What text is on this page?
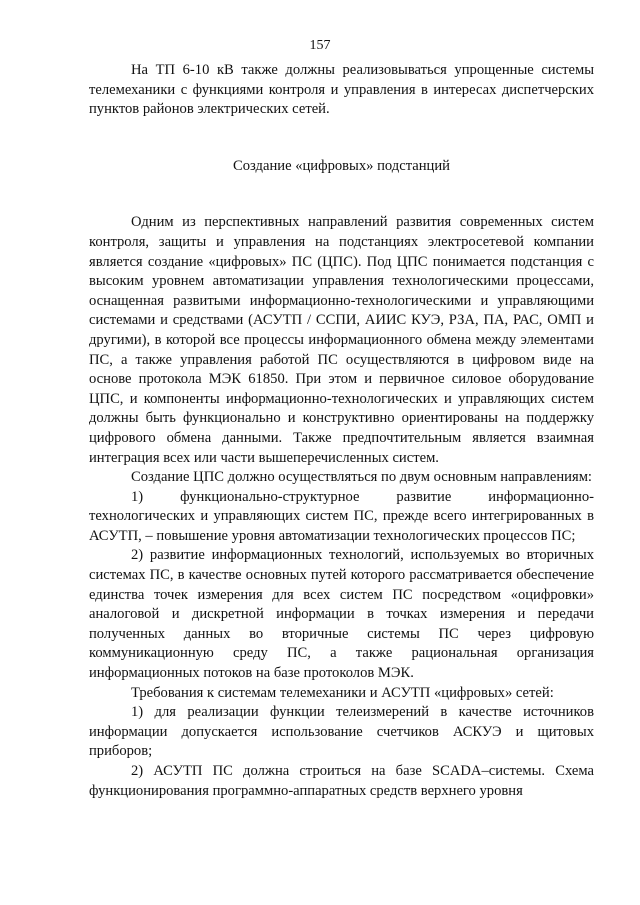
157

На ТП 6-10 кВ также должны реализовываться упрощенные системы телемеханики с функциями контроля и управления в интересах диспетчерских пунктов районов электрических сетей.

Создание «цифровых» подстанций

Одним из перспективных направлений развития современных систем контроля, защиты и управления на подстанциях электросетевой компании является создание «цифровых» ПС (ЦПС). Под ЦПС понимается подстанция с высоким уровнем автоматизации управления технологическими процессами, оснащенная развитыми информационно-технологическими и управляющими системами и средствами (АСУТП / ССПИ, АИИС КУЭ, РЗА, ПА, РАС, ОМП и другими), в которой все процессы информационного обмена между элементами ПС, а также управления работой ПС осуществляются в цифровом виде на основе протокола МЭК 61850. При этом и первичное силовое оборудование ЦПС, и компоненты информационно-технологических и управляющих систем должны быть функционально и конструктивно ориентированы на поддержку цифрового обмена данными. Также предпочтительным является взаимная интеграция всех или части вышеперечисленных систем.

Создание ЦПС должно осуществляться по двум основным направлениям:

1) функционально-структурное развитие информационно-технологических и управляющих систем ПС, прежде всего интегрированных в АСУТП, – повышение уровня автоматизации технологических процессов ПС;

2) развитие информационных технологий, используемых во вторичных системах ПС, в качестве основных путей которого рассматривается обеспечение единства точек измерения для всех систем ПС посредством «оцифровки» аналоговой и дискретной информации в точках измерения и передачи полученных данных во вторичные системы ПС через цифровую коммуникационную среду ПС, а также рациональная организация информационных потоков на базе протоколов МЭК.

Требования к системам телемеханики и АСУТП «цифровых» сетей:

1) для реализации функции телеизмерений в качестве источников информации допускается использование счетчиков АСКУЭ и щитовых приборов;

2) АСУТП ПС должна строиться на базе SCADA–системы. Схема функционирования программно-аппаратных средств верхнего уровня
